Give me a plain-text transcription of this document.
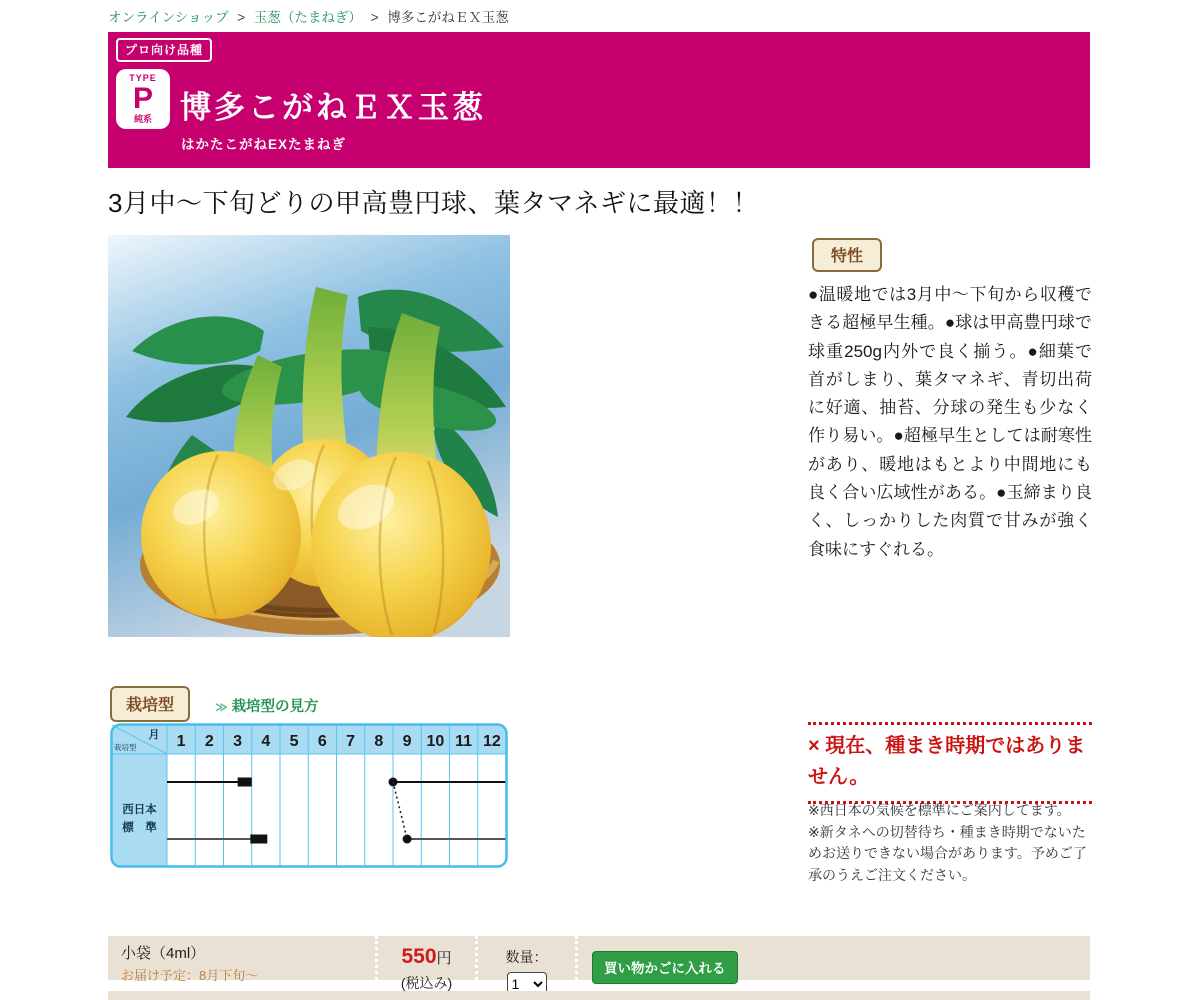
オンラインショップ > 玉葱（たまねぎ） > 博多こがねＥＸ玉葱
プロ向け品種
TYPE
P
純系 博多こがねＥＸ玉葱
はかたこがねEXたまねぎ
3月中～下旬どりの甲高豊円球、葉タマネギに最適！！
特性
●温暖地では3月中～下旬から収穫できる超極早生種。●球は甲高豊円球で球重250g内外で良く揃う。●細葉で首がしまり、葉タマネギ、青切出荷に好適、抽苔、分球の発生も少なく作り易い。●超極早生としては耐寒性があり、暖地はもとより中間地にも良く合い広域性がある。●玉締まり良く、しっかりした肉質で甘みが強く食味にすぐれる。
栽培型	≫ 栽培型の見方
月
栽培型	1 2 3 4 5 6 7 8 9 10 11 12
西日本
標　準
× 現在、種まき時期ではありません。

※西日本の気候を標準にご案内してます。

※新タネへの切替待ち・種まき時期でないためお送りできない場合があります。予めご了承のうえご注文ください。

小袋（4ml）
お届け予定：8月下旬～
550円
(税込み)
数量：
1
買い物かごに入れる
